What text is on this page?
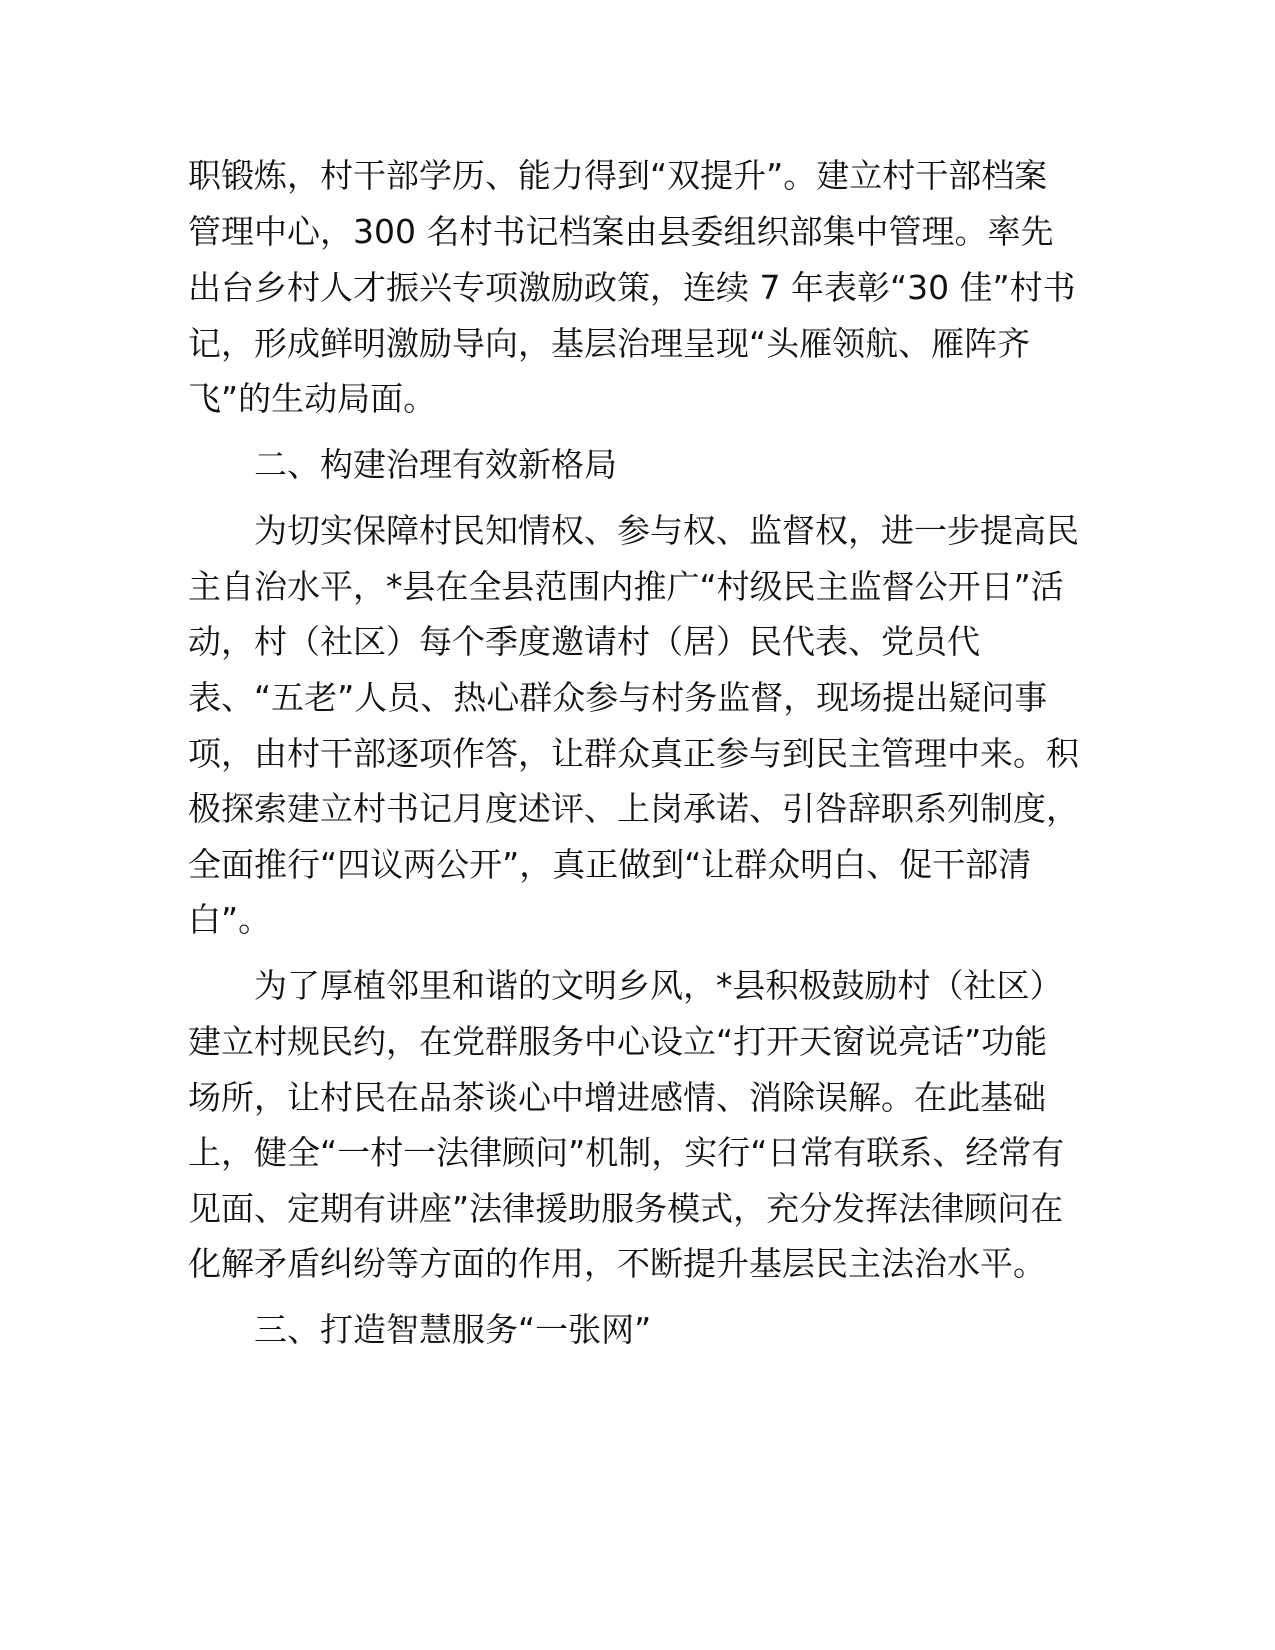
职锻炼，村干部学历、能力得到“双提升”。建立村干部档案
管理中心，300 名村书记档案由县委组织部集中管理。率先
出台乡村人才振兴专项激励政策，连续 7 年表彰“30 佳”村书
记，形成鲜明激励导向，基层治理呈现“头雁领航、雁阵齐
飞”的生动局面。
二、构建治理有效新格局
为切实保障村民知情权、参与权、监督权，进一步提高民
主自治水平，*县在全县范围内推广“村级民主监督公开日”活
动，村（社区）每个季度邀请村（居）民代表、党员代
表、“五老”人员、热心群众参与村务监督，现场提出疑问事
项，由村干部逐项作答，让群众真正参与到民主管理中来。积
极探索建立村书记月度述评、上岗承诺、引咎辞职系列制度，
全面推行“四议两公开”，真正做到“让群众明白、促干部清
白”。
为了厚植邻里和谐的文明乡风，*县积极鼓励村（社区）
建立村规民约，在党群服务中心设立“打开天窗说亮话”功能
场所，让村民在品茶谈心中增进感情、消除误解。在此基础
上，健全“一村一法律顾问”机制，实行“日常有联系、经常有
见面、定期有讲座”法律援助服务模式，充分发挥法律顾问在
化解矛盾纠纷等方面的作用，不断提升基层民主法治水平。
三、打造智慧服务“一张网”
